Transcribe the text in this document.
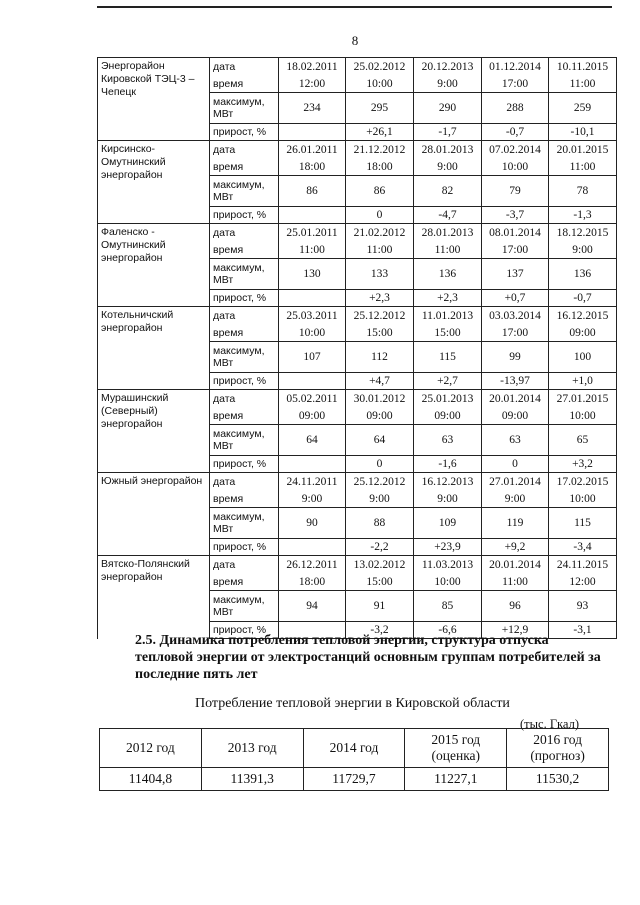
8
Энергорайон Кировской ТЭЦ-3 – Чепецк	дата	18.02.2011	25.02.2012	20.12.2013	01.12.2014	10.11.2015
	время	12:00	10:00	9:00	17:00	11:00
	максимум, МВт	234	295	290	288	259
	прирост, %		+26,1	-1,7	-0,7	-10,1
Кирсинско-Омутнинский энергорайон	дата	26.01.2011	21.12.2012	28.01.2013	07.02.2014	20.01.2015
	время	18:00	18:00	9:00	10:00	11:00
	максимум, МВт	86	86	82	79	78
	прирост, %		0	-4,7	-3,7	-1,3
Фаленско - Омутнинский энергорайон	дата	25.01.2011	21.02.2012	28.01.2013	08.01.2014	18.12.2015
	время	11:00	11:00	11:00	17:00	9:00
	максимум, МВт	130	133	136	137	136
	прирост, %		+2,3	+2,3	+0,7	-0,7
Котельничский энергорайон	дата	25.03.2011	25.12.2012	11.01.2013	03.03.2014	16.12.2015
	время	10:00	15:00	15:00	17:00	09:00
	максимум, МВт	107	112	115	99	100
	прирост, %		+4,7	+2,7	-13,97	+1,0
Мурашинский (Северный) энергорайон	дата	05.02.2011	30.01.2012	25.01.2013	20.01.2014	27.01.2015
	время	09:00	09:00	09:00	09:00	10:00
	максимум, МВт	64	64	63	63	65
	прирост, %		0	-1,6	0	+3,2
Южный энергорайон	дата	24.11.2011	25.12.2012	16.12.2013	27.01.2014	17.02.2015
	время	9:00	9:00	9:00	9:00	10:00
	максимум, МВт	90	88	109	119	115
	прирост, %		-2,2	+23,9	+9,2	-3,4
Вятско-Полянский энергорайон	дата	26.12.2011	13.02.2012	11.03.2013	20.01.2014	24.11.2015
	время	18:00	15:00	10:00	11:00	12:00
	максимум, МВт	94	91	85	96	93
	прирост, %		-3,2	-6,6	+12,9	-3,1
2.5. Динамика потребления тепловой энергии, структура отпуска тепловой энергии от электростанций основным группам потребителей за последние пять лет
Потребление тепловой энергии в Кировской области
(тыс. Гкал)
2012 год	2013 год	2014 год	2015 год (оценка)	2016 год (прогноз)
11404,8	11391,3	11729,7	11227,1	11530,2
